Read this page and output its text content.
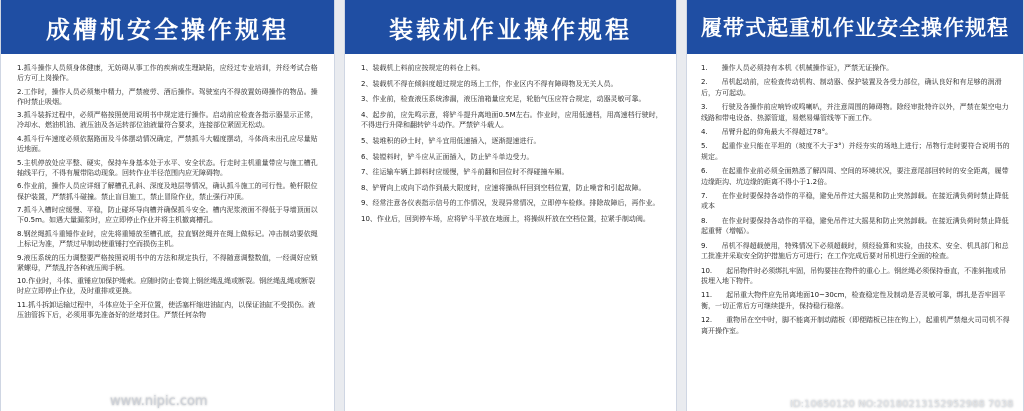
成槽机安全操作规程
1.抓斗操作人员须身体健康，无妨碍从事工作的疾病或生理缺陷，应经过专业培训，并经考试合格后方可上岗操作。
2.工作时，操作人员必须集中精力，严禁疲劳、酒后操作。驾驶室内不得放置妨碍操作的物品。操作时禁止吸烟。
3.抓斗装拆过程中，必须严格按照使用说明书中规定进行操作。启动前应检查各指示器显示正常，冷却水、燃油机油、液压油及各运转部位油液量符合要求，连接部位紧固无松动。
4.抓斗行车速度必须依据路面及斗体摆动情况确定，严禁抓斗大幅度摆动，斗体尚未出孔应尽量贴近地面。
5.主机停放处应平整、硬实，保持车身基本处于水平、安全状态。行走时主机重量带应与施工槽孔轴线平行，不得有履带陷动现象。回转作业半径范围内应无障碍物。
6.作业前，操作人员应详细了解槽孔孔斜、深度及地层等情况，确认抓斗施工的可行性。桅杆限位保护装置，严禁抓斗碰撞。禁止盲目施工，禁止冒险作业，禁止强行冲顶。
7.抓斗入槽时应缓慢、平稳，防止碰坏导向槽并确保抓斗安全。槽内泥浆液面不得低于导墙顶面以下0.5m。如遇大量漏浆时，应立即停止作业并将主机撤离槽孔。
8.钢丝绳抓斗重锤作业时，应先将重锤放至槽孔底，拉直钢丝绳并在绳上做标记。冲击制动要依绳上标记为准，严禁过早制动使重锤打空而损伤主机。
9.液压系统的压力调整要严格按照说明书中的方法和规定执行，不得随意调整数值，一经调好应锁紧螺母，严禁乱拧各种液压阀手柄。
10.作业时，斗体、重锤应加保护绳索。应随时防止卷筒上钢丝绳乱绳或断裂。钢丝绳乱绳或断裂时应立即停止作业，及时重排或更换。
11.抓斗拆卸运输过程中，斗体应处于全开位置，使活塞杆缩进油缸内，以保证油缸不受损伤。液压油管拆下后，必须用事先准备好的丝堵封住。严禁任何杂物
装载机作业操作规程
1、装载机上料前应按规定的料仓上料。
2、装载机不得在倾斜度超过规定的场上工作，作业区内不得有障碍物及无关人员。
3、作业前，检查液压系统渗漏，液压油箱量应充足，轮胎气压应符合规定，动器灵敏可靠。
4、起步前，应先鸣示意，将铲斗提升离地面0.5M左右。作业时，应用低速档，用高速档行驶时，不得进行升降和翻转铲斗动作。严禁铲斗载人。
5、装堆积的砂土时，铲斗宜用低速插入，逐渐提速进行。
6、装镗料时，铲斗应从正面插入，防止铲斗单边受力。
7、往运输车辆上卸料时应缓慢，铲斗前翻和回位时不得碰撞车厢。
8、铲臂向上或向下动作到最大限度时，应速将操纵杆回到空档位置，防止噪音和引起故障。
9、经常注意各仪表指示信号的工作情况，发现异常情况，立即停车检修。排除故障后，再作业。
10、作业后，回到停车场，应将铲斗平放在地面上，将操纵杆放在空档位置，拉紧手制动阀。
履带式起重机作业安全操作规程
1.　　操作人员必须持有本机《机械操作证》，严禁无证操作。
2.　　吊机起动前，应检查传动机构、制动器、保护装置及各受力部位，确认良好和有足够的润滑后，方可起动。
3.　　行驶及各操作前应响铃或鸣喇叭，并注意周围的障碍物。除经审批特许以外，严禁在架空电力线路和带电设备、热源管道，易燃易爆管线等下面工作。
4.　　吊臂升起的仰角最大不得超过78°。
5.　　起重作业只能在平坦的（坡度不大于3°）并经夯实的场地上进行；吊物行走时要符合说明书的规定。
6.　　在起重作业前必须全面熟悉了解四周、空间的环境状况，要注意尾部回转时的安全距离，履带边缘距沟、坑边缘的距离不得小于1.2倍。
7.　　在作业时要保持各动作的平稳，避免吊件过大摇晃和防止突然卸载。在接近满负荷时禁止降低或本
8.　　在作业时要保持各动作的平稳，避免吊件过大摇晃和防止突然卸载。在接近满负荷时禁止降低起重臂（增幅）。
9.　　吊机不得超载使用，特殊情况下必须超载时，须经验算和实验，由技术、安全、机具部门和总工批准并采取安全防护措施后方可进行；在工作完成后要对吊机进行全面的检查。
10.　　起吊物件时必须绑扎牢固，吊钩要挂在物件的重心上。钢丝绳必须保持垂直，不准斜拖或吊拔埋入地下物件。
11.　　起吊重大物件应先吊离地面10~30cm，检查稳定性及制动是否灵敏可靠，绑扎是否牢固平衡，一切正常后方可继续提升，保持稳行稳落。
12.　　重物吊在空中时，脚不能离开制动踏板（即便踏板已挂在钩上），起重机严禁熄火司司机不得离开操作室。
www.nipic.com	ID:10650120 NO:20180213152952988 7038
